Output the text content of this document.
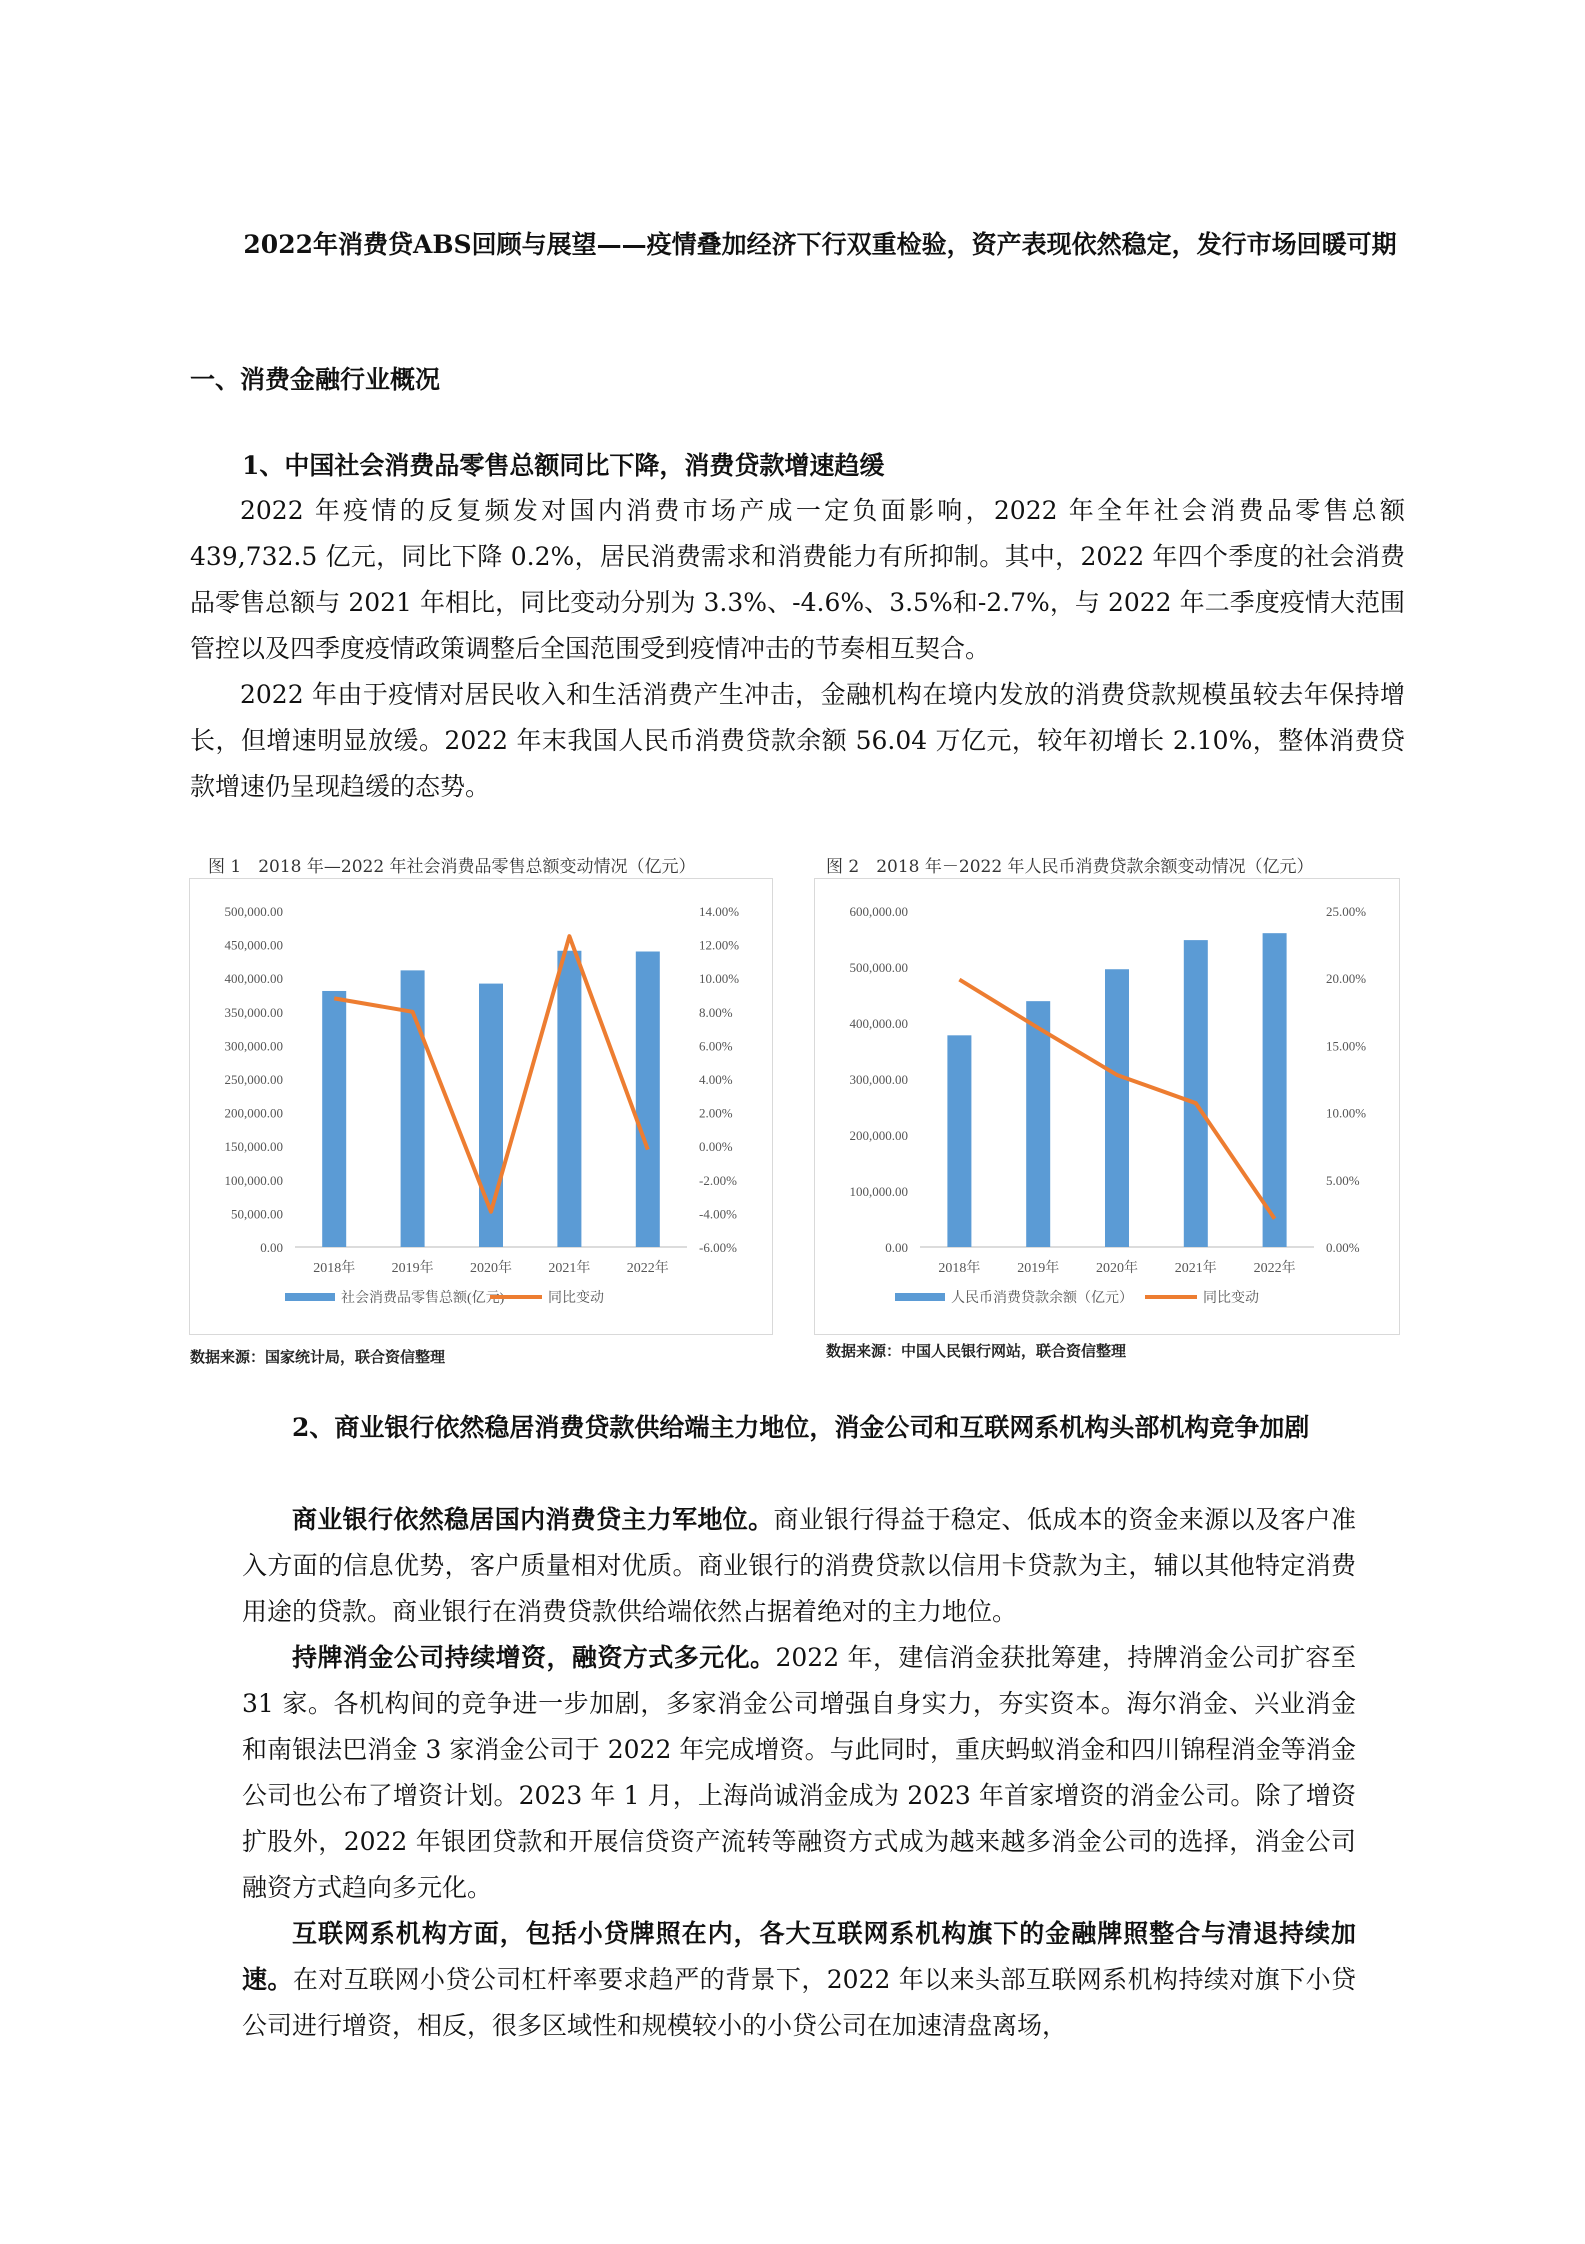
2022年消费贷ABS回顾与展望——疫情叠加经济下行双重检验，资产表现依然稳定，发行市场回暖可期
一、消费金融行业概况
1、中国社会消费品零售总额同比下降，消费贷款增速趋缓

2022 年疫情的反复频发对国内消费市场产成一定负面影响，2022 年全年社会消费品零售总额439,732.5 亿元，同比下降 0.2%，居民消费需求和消费能力有所抑制。其中，2022 年四个季度的社会消费品零售总额与 2021 年相比，同比变动分别为 3.3%、-4.6%、3.5%和-2.7%，与 2022 年二季度疫情大范围管控以及四季度疫情政策调整后全国范围受到疫情冲击的节奏相互契合。

2022 年由于疫情对居民收入和生活消费产生冲击，金融机构在境内发放的消费贷款规模虽较去年保持增长，但增速明显放缓。2022 年末我国人民币消费贷款余额 56.04 万亿元，较年初增长 2.10%，整体消费贷款增速仍呈现趋缓的态势。

图 1　2018 年—2022 年社会消费品零售总额变动情况（亿元）
0.00
50,000.00
100,000.00
150,000.00
200,000.00
250,000.00
300,000.00
350,000.00
400,000.00
450,000.00
500,000.00
-6.00%
-4.00%
-2.00%
0.00%
2.00%
4.00%
6.00%
8.00%
10.00%
12.00%
14.00%
2018年	2019年	2020年	2021年	2022年
社会消费品零售总额(亿元)	同比变动
数据来源：国家统计局，联合资信整理
图 2　2018 年－2022 年人民币消费贷款余额变动情况（亿元）
0.00
100,000.00
200,000.00
300,000.00
400,000.00
500,000.00
600,000.00
0.00%
5.00%
10.00%
15.00%
20.00%
25.00%
2018年	2019年	2020年	2021年	2022年
人民币消费贷款余额（亿元）	同比变动
数据来源：中国人民银行网站，联合资信整理
2、商业银行依然稳居消费贷款供给端主力地位，消金公司和互联网系机构头部机构竞争加剧

商业银行依然稳居国内消费贷主力军地位。商业银行得益于稳定、低成本的资金来源以及客户准入方面的信息优势，客户质量相对优质。商业银行的消费贷款以信用卡贷款为主，辅以其他特定消费用途的贷款。商业银行在消费贷款供给端依然占据着绝对的主力地位。

持牌消金公司持续增资，融资方式多元化。2022 年，建信消金获批筹建，持牌消金公司扩容至 31 家。各机构间的竞争进一步加剧，多家消金公司增强自身实力，夯实资本。海尔消金、兴业消金和南银法巴消金 3 家消金公司于 2022 年完成增资。与此同时，重庆蚂蚁消金和四川锦程消金等消金公司也公布了增资计划。2023 年 1 月，上海尚诚消金成为 2023 年首家增资的消金公司。除了增资扩股外，2022 年银团贷款和开展信贷资产流转等融资方式成为越来越多消金公司的选择，消金公司融资方式趋向多元化。

互联网系机构方面，包括小贷牌照在内，各大互联网系机构旗下的金融牌照整合与清退持续加速。在对互联网小贷公司杠杆率要求趋严的背景下，2022 年以来头部互联网系机构持续对旗下小贷公司进行增资，相反，很多区域性和规模较小的小贷公司在加速清盘离场，
